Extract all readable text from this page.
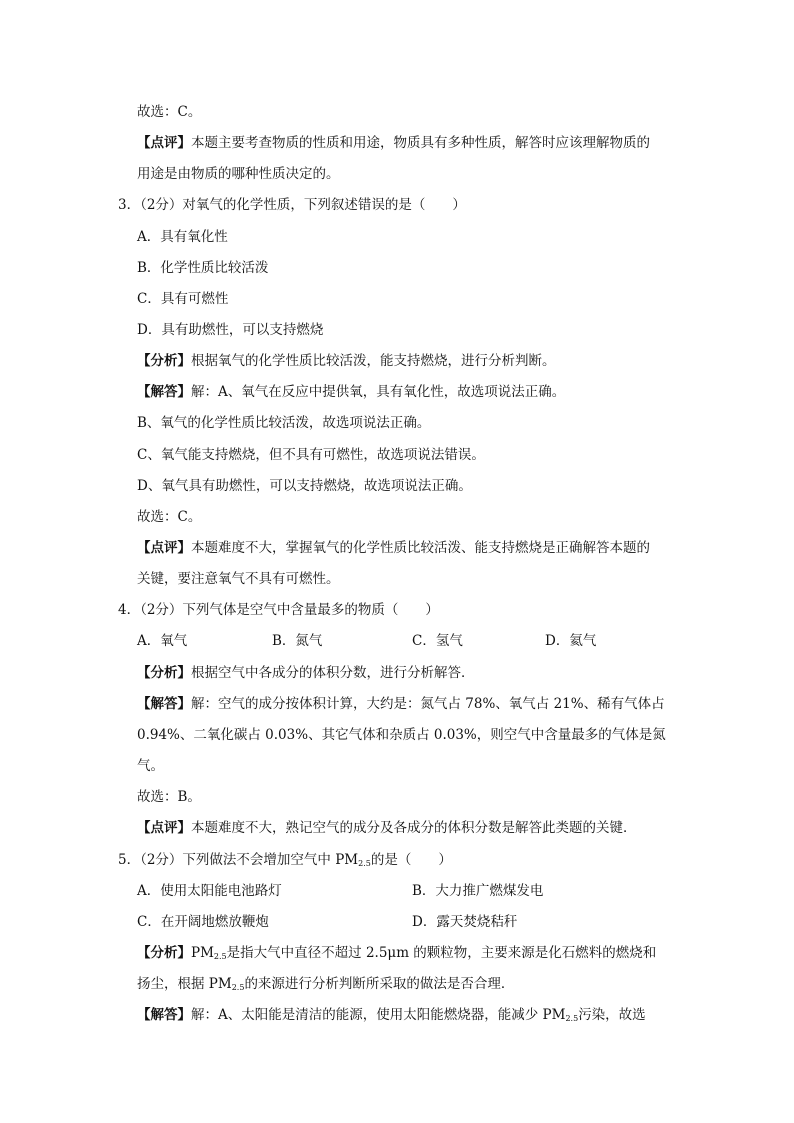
故选：C。
【点评】本题主要考查物质的性质和用途，物质具有多种性质，解答时应该理解物质的
用途是由物质的哪种性质决定的。
3．（2分）对氧气的化学性质，下列叙述错误的是（　　）
A．具有氧化性
B．化学性质比较活泼
C．具有可燃性
D．具有助燃性，可以支持燃烧
【分析】根据氧气的化学性质比较活泼，能支持燃烧，进行分析判断。
【解答】解：A、氧气在反应中提供氧，具有氧化性，故选项说法正确。
B、氧气的化学性质比较活泼，故选项说法正确。
C、氧气能支持燃烧，但不具有可燃性，故选项说法错误。
D、氧气具有助燃性，可以支持燃烧，故选项说法正确。
故选：C。
【点评】本题难度不大，掌握氧气的化学性质比较活泼、能支持燃烧是正确解答本题的
关键，要注意氧气不具有可燃性。
4．（2分）下列气体是空气中含量最多的物质（　　）
A．氧气	B．氮气	C．氢气	D．氦气
【分析】根据空气中各成分的体积分数，进行分析解答．
【解答】解：空气的成分按体积计算，大约是：氮气占 78%、氧气占 21%、稀有气体占
0.94%、二氧化碳占 0.03%、其它气体和杂质占 0.03%，则空气中含量最多的气体是氮
气。
故选：B。
【点评】本题难度不大，熟记空气的成分及各成分的体积分数是解答此类题的关键．
5．（2分）下列做法不会增加空气中 $PM_{2.5}$的是（　　）
A．使用太阳能电池路灯	B．大力推广燃煤发电
C．在开阔地燃放鞭炮	D．露天焚烧秸秆
【分析】$PM_{2.5}$是指大气中直径不超过 2.5μm 的颗粒物，主要来源是化石燃料的燃烧和
扬尘，根据 $PM_{2.5}$的来源进行分析判断所采取的做法是否合理．
【解答】解：A、太阳能是清洁的能源，使用太阳能燃烧器，能减少 $PM_{2.5}$污染，故选
